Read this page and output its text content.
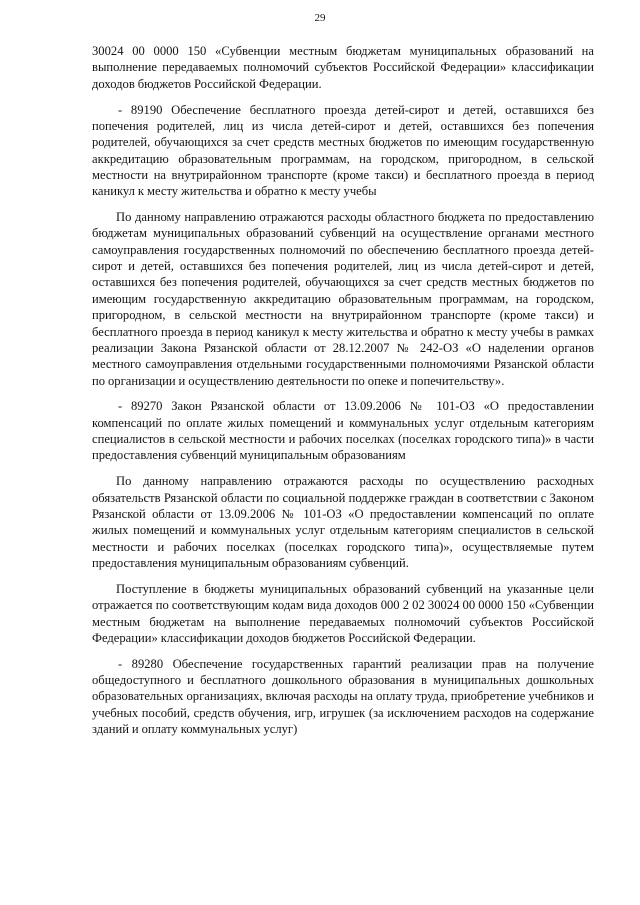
29

30024 00 0000 150 «Субвенции местным бюджетам муниципальных образований на выполнение передаваемых полномочий субъектов Российской Федерации» классификации доходов бюджетов Российской Федерации.

- 89190 Обеспечение бесплатного проезда детей-сирот и детей, оставшихся без попечения родителей, лиц из числа детей-сирот и детей, оставшихся без попечения родителей, обучающихся за счет средств местных бюджетов по имеющим государственную аккредитацию образовательным программам, на городском, пригородном, в сельской местности на внутрирайонном транспорте (кроме такси) и бесплатного проезда в период каникул к месту жительства и обратно к месту учебы

По данному направлению отражаются расходы областного бюджета по предоставлению бюджетам муниципальных образований субвенций на осуществление органами местного самоуправления государственных полномочий по обеспечению бесплатного проезда детей-сирот и детей, оставшихся без попечения родителей, лиц из числа детей-сирот и детей, оставшихся без попечения родителей, обучающихся за счет средств местных бюджетов по имеющим государственную аккредитацию образовательным программам, на городском, пригородном, в сельской местности на внутрирайонном транспорте (кроме такси) и бесплатного проезда в период каникул к месту жительства и обратно к месту учебы в рамках реализации Закона Рязанской области от 28.12.2007 № 242-ОЗ «О наделении органов местного самоуправления отдельными государственными полномочиями Рязанской области по организации и осуществлению деятельности по опеке и попечительству».

- 89270 Закон Рязанской области от 13.09.2006 № 101-ОЗ «О предоставлении компенсаций по оплате жилых помещений и коммунальных услуг отдельным категориям специалистов в сельской местности и рабочих поселках (поселках городского типа)» в части предоставления субвенций муниципальным образованиям

По данному направлению отражаются расходы по осуществлению расходных обязательств Рязанской области по социальной поддержке граждан в соответствии с Законом Рязанской области от 13.09.2006 № 101-ОЗ «О предоставлении компенсаций по оплате жилых помещений и коммунальных услуг отдельным категориям специалистов в сельской местности и рабочих поселках (поселках городского типа)», осуществляемые путем предоставления муниципальным образованиям субвенций.

Поступление в бюджеты муниципальных образований субвенций на указанные цели отражается по соответствующим кодам вида доходов 000 2 02 30024 00 0000 150 «Субвенции местным бюджетам на выполнение передаваемых полномочий субъектов Российской Федерации» классификации доходов бюджетов Российской Федерации.

- 89280 Обеспечение государственных гарантий реализации прав на получение общедоступного и бесплатного дошкольного образования в муниципальных дошкольных образовательных организациях, включая расходы на оплату труда, приобретение учебников и учебных пособий, средств обучения, игр, игрушек (за исключением расходов на содержание зданий и оплату коммунальных услуг)
